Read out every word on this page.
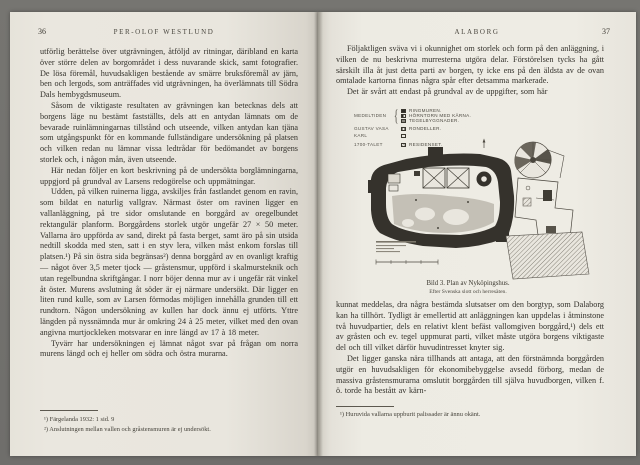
36	PER-OLOF WESTLUND

utförlig berättelse över utgrävningen, åtföljd av ritningar, däribland en karta över större delen av borgområdet i dess nuvarande skick, samt fotografier. De lösa föremål, huvudsakligen bestående av smärre bruksföremål av järn, ben och lergods, som anträffades vid utgrävningen, ha överlämnats till Södra Dals hembygdsmuseum.

Såsom de viktigaste resultaten av grävningen kan betecknas dels att borgens läge nu bestämt fastställts, dels att en antydan lämnats om de bevarade ruinlämningarnas tillstånd och utseende, vilken antydan kan tjäna som utgångspunkt för en kommande fullständigare undersökning på platsen och vilken redan nu lämnar vissa ledtrådar för bedömandet av borgens storlek och, i någon mån, även utseende.

Här nedan följer en kort beskrivning på de undersökta borglämningarna, uppgjord på grundval av Larsens redogörelse och uppmätningar.

Udden, på vilken ruinerna ligga, avskiljes från fastlandet genom en ravin, som bildat en naturlig vallgrav. Närmast öster om ravinen ligger en vallanläggning, på tre sidor omslutande en borggård av oregelbundet rektangulär planform. Borggårdens storlek utgör ungefär 27 × 50 meter. Vallarna äro uppförda av sand, direkt på fasta berget, samt äro på sin utsida nedtill skodda med sten, satt i en styv lera, vilken måst enkom forslas till platsen.¹) På sin östra sida begränsas²) denna borggård av en ovanligt kraftig — något över 3,5 meter tjock — gråstensmur, uppförd i skalmursteknik och utan regelbundna skriftgångar. I norr böjer denna mur av i ungefär rät vinkel åt öster. Murens avslutning åt söder är ej närmare undersökt. Där ligger en liten rund kulle, som av Larsen förmodas möjligen innehålla grunden till ett rundtorn. Någon undersökning av kullen har dock ännu ej utförts. Yttre längden på nyssnämnda mur är omkring 24 à 25 meter, vilket med den ovan angivna murtjockleken motsvarar en inre längd av 17 à 18 meter.

Tyvärr har undersökningen ej lämnat något svar på frågan om norra murens längd och ej heller om södra och östra murarna.

¹) Färgelanda 1932: 1 sid. 9
²) Anslutningen mellan vallen och gråstensmuren är ej undersökt.
ALABORG	37

Följaktligen sväva vi i okunnighet om storlek och form på den anläggning, i vilken de nu beskrivna murresterna utgöra delar. Förstörelsen tycks ha gått särskilt illa åt just detta parti av borgen, ty icke ens på den äldsta av de ovan omtalade kartorna finnas några spår efter detsamma markerade.

Det är svårt att endast på grundval av de uppgifter, som här

MEDELTIDEN { RINGMUREN.
HÖRNTORN MED KÄRNA.
TEGELBYGGNADER.
GUSTAV VASA	RONDELLER.
KARL
1700-TALET	RESIDENSET.
Bild 3. Plan av Nyköpingshus.
Efter Svenska slott och herresäten.

kunnat meddelas, dra några bestämda slutsatser om den borgtyp, som Dalaborg kan ha tillhört. Tydligt är emellertid att anläggningen kan uppdelas i åtminstone två huvudpartier, dels en relativt klent befäst vallomgiven borggård,¹) dels ett av gråsten och ev. tegel uppmurat parti, vilket måste utgöra borgens viktigaste del och till vilket därför huvudintresset knyter sig.

Det ligger ganska nära tillhands att antaga, att den förstnämnda borggården utgör en huvudsakligen för ekonomibebyggelse avsedd förborg, medan de massiva gråstensmurarna omslutit borggården till själva huvudborgen, vilken f. ö. torde ha bestått av kärn-

¹) Huruvida vallarna uppburit palissader är ännu okänt.
